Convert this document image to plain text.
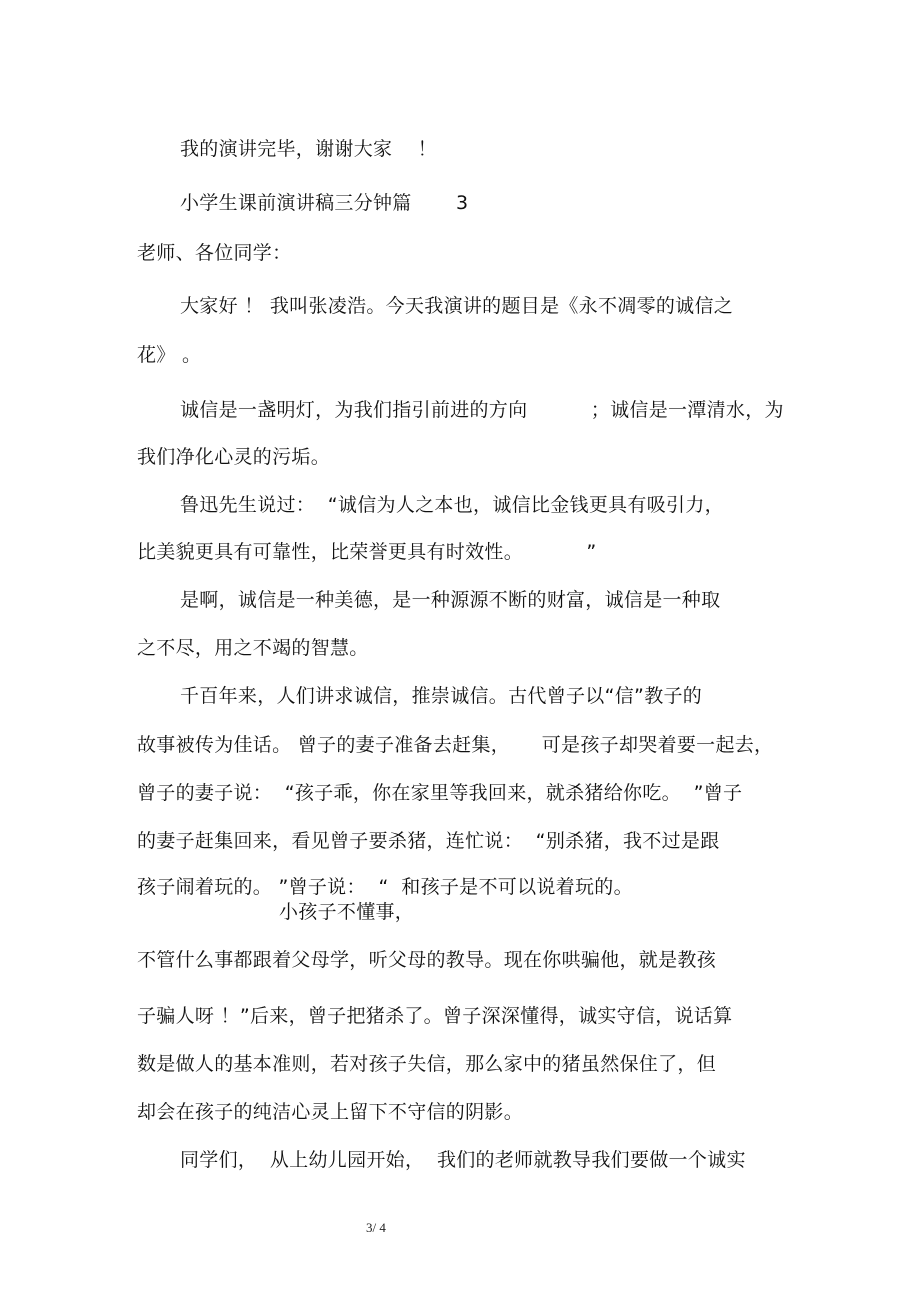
我的演讲完毕，谢谢大家    ！
小学生课前演讲稿三分钟篇       3
老师、各位同学：
大家好 ！ 我叫张凌浩。今天我演讲的题目是《永不凋零的诚信之
花》 。
诚信是一盏明灯，为我们指引前进的方向          ；诚信是一潭清水，为
我们净化心灵的污垢。
鲁迅先生说过：  “诚信为人之本也，诚信比金钱更具有吸引力，
比美貌更具有可靠性，比荣誉更具有时效性。          ”
是啊，诚信是一种美德，是一种源源不断的财富，诚信是一种取
之不尽，用之不竭的智慧。
千百年来，人们讲求诚信，推崇诚信。古代曾子以“信”教子的
故事被传为佳话。 曾子的妻子准备去赶集，     可是孩子却哭着要一起去，
曾子的妻子说：  “孩子乖，你在家里等我回来，就杀猪给你吃。  ”曾子
的妻子赶集回来，看见曾子要杀猪，连忙说：  “别杀猪，我不过是跟
孩子闹着玩的。 ”曾子说：  “  和孩子是不可以说着玩的。
小孩子不懂事，
不管什么事都跟着父母学，听父母的教导。现在你哄骗他，就是教孩
子骗人呀 ！”后来，曾子把猪杀了。曾子深深懂得，诚实守信，说话算
数是做人的基本准则，若对孩子失信，那么家中的猪虽然保住了，但
却会在孩子的纯洁心灵上留下不守信的阴影。
同学们，  从上幼儿园开始，  我们的老师就教导我们要做一个诚实
3/ 4
